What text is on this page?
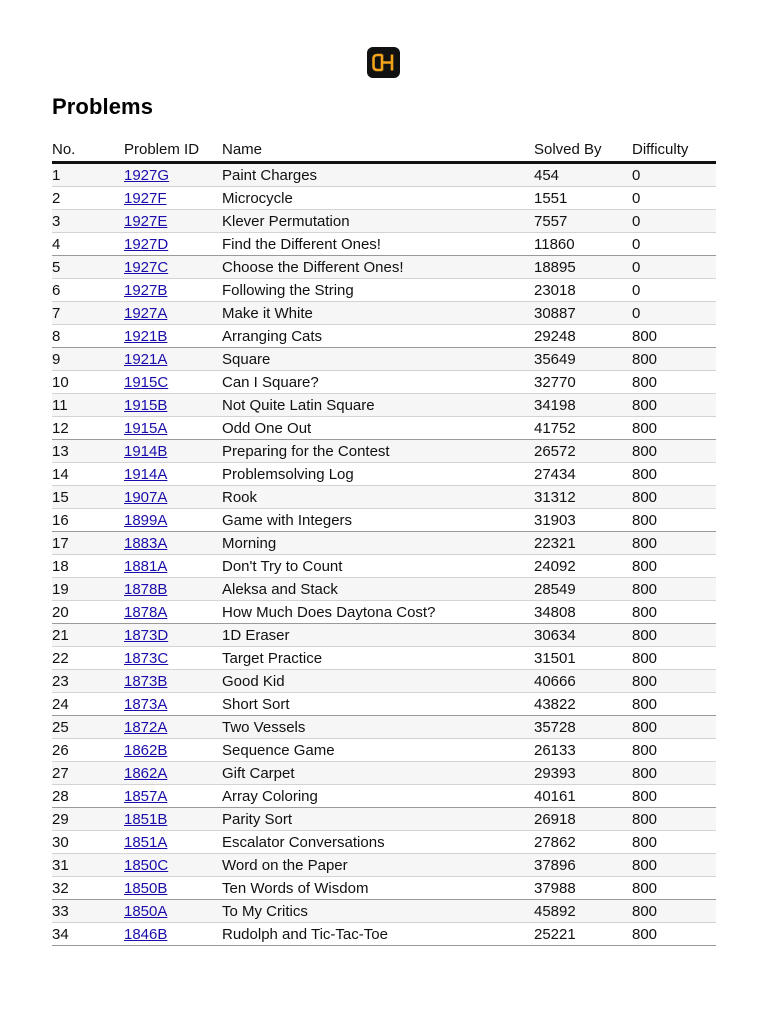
Problems
No.	Problem ID	Name	Solved By	Difficulty
1	1927G	Paint Charges	454	0
2	1927F	Microcycle	1551	0
3	1927E	Klever Permutation	7557	0
4	1927D	Find the Different Ones!	11860	0
5	1927C	Choose the Different Ones!	18895	0
6	1927B	Following the String	23018	0
7	1927A	Make it White	30887	0
8	1921B	Arranging Cats	29248	800
9	1921A	Square	35649	800
10	1915C	Can I Square?	32770	800
11	1915B	Not Quite Latin Square	34198	800
12	1915A	Odd One Out	41752	800
13	1914B	Preparing for the Contest	26572	800
14	1914A	Problemsolving Log	27434	800
15	1907A	Rook	31312	800
16	1899A	Game with Integers	31903	800
17	1883A	Morning	22321	800
18	1881A	Don't Try to Count	24092	800
19	1878B	Aleksa and Stack	28549	800
20	1878A	How Much Does Daytona Cost?	34808	800
21	1873D	1D Eraser	30634	800
22	1873C	Target Practice	31501	800
23	1873B	Good Kid	40666	800
24	1873A	Short Sort	43822	800
25	1872A	Two Vessels	35728	800
26	1862B	Sequence Game	26133	800
27	1862A	Gift Carpet	29393	800
28	1857A	Array Coloring	40161	800
29	1851B	Parity Sort	26918	800
30	1851A	Escalator Conversations	27862	800
31	1850C	Word on the Paper	37896	800
32	1850B	Ten Words of Wisdom	37988	800
33	1850A	To My Critics	45892	800
34	1846B	Rudolph and Tic-Tac-Toe	25221	800
